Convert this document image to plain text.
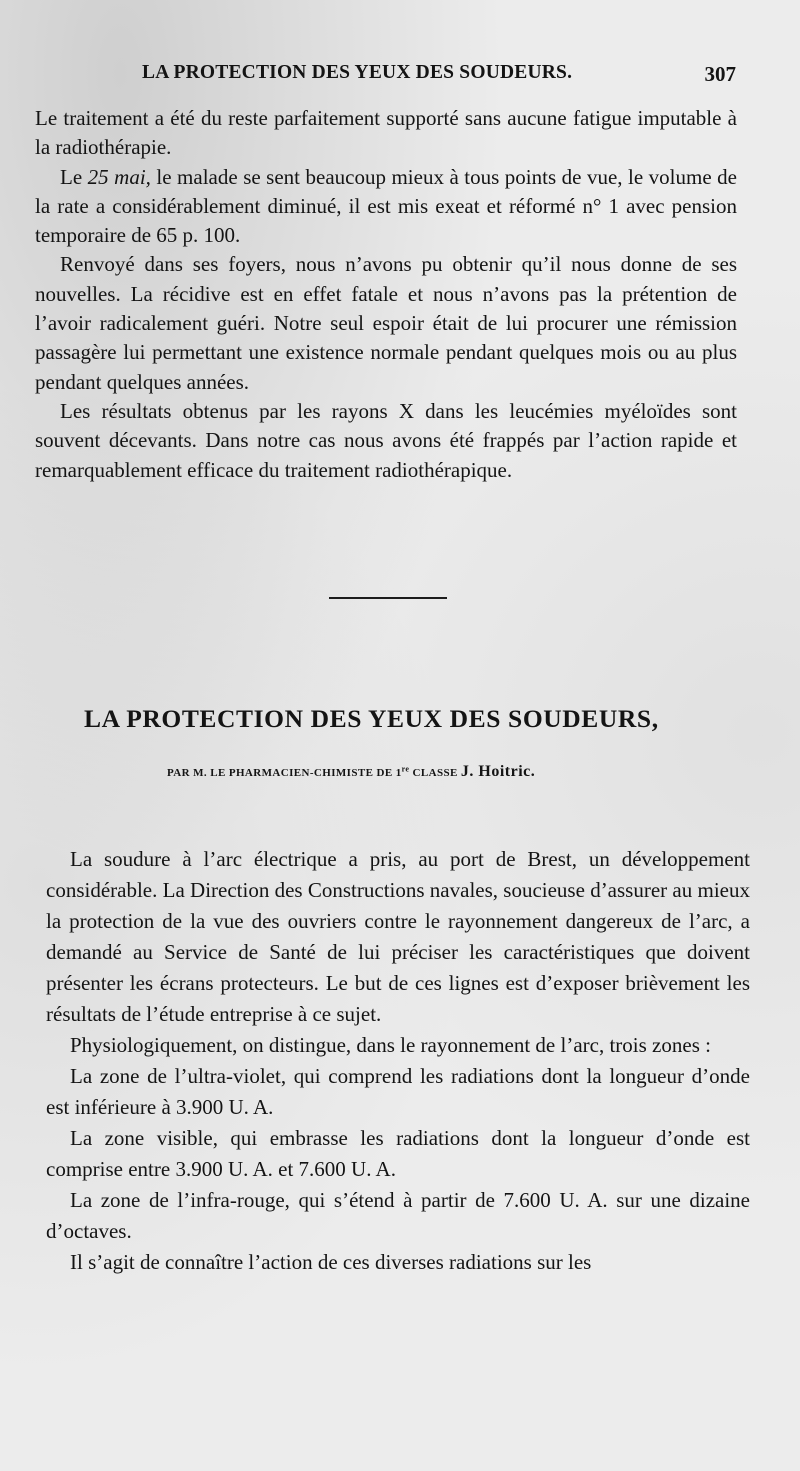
LA PROTECTION DES YEUX DES SOUDEURS.	307

Le traitement a été du reste parfaitement supporté sans aucune fatigue imputable à la radiothérapie.

Le 25 mai, le malade se sent beaucoup mieux à tous points de vue, le volume de la rate a considérablement diminué, il est mis exeat et réformé n° 1 avec pension temporaire de 65 p. 100.

Renvoyé dans ses foyers, nous n’avons pu obtenir qu’il nous donne de ses nouvelles. La récidive est en effet fatale et nous n’avons pas la prétention de l’avoir radicalement guéri. Notre seul espoir était de lui procurer une rémission passagère lui permettant une existence normale pendant quelques mois ou au plus pendant quelques années.

Les résultats obtenus par les rayons X dans les leucémies myéloïdes sont souvent décevants. Dans notre cas nous avons été frappés par l’action rapide et remarquablement efficace du traitement radiothérapique.

LA PROTECTION DES YEUX DES SOUDEURS,
PAR M. LE PHARMACIEN-CHIMISTE DE 1re CLASSE J. Hoitric.

La soudure à l’arc électrique a pris, au port de Brest, un développement considérable. La Direction des Constructions navales, soucieuse d’assurer au mieux la protection de la vue des ouvriers contre le rayonnement dangereux de l’arc, a demandé au Service de Santé de lui préciser les caractéristiques que doivent présenter les écrans protecteurs. Le but de ces lignes est d’exposer brièvement les résultats de l’étude entreprise à ce sujet.

Physiologiquement, on distingue, dans le rayonnement de l’arc, trois zones :

La zone de l’ultra-violet, qui comprend les radiations dont la longueur d’onde est inférieure à 3.900 U. A.

La zone visible, qui embrasse les radiations dont la longueur d’onde est comprise entre 3.900 U. A. et 7.600 U. A.

La zone de l’infra-rouge, qui s’étend à partir de 7.600 U. A. sur une dizaine d’octaves.

Il s’agit de connaître l’action de ces diverses radiations sur les
